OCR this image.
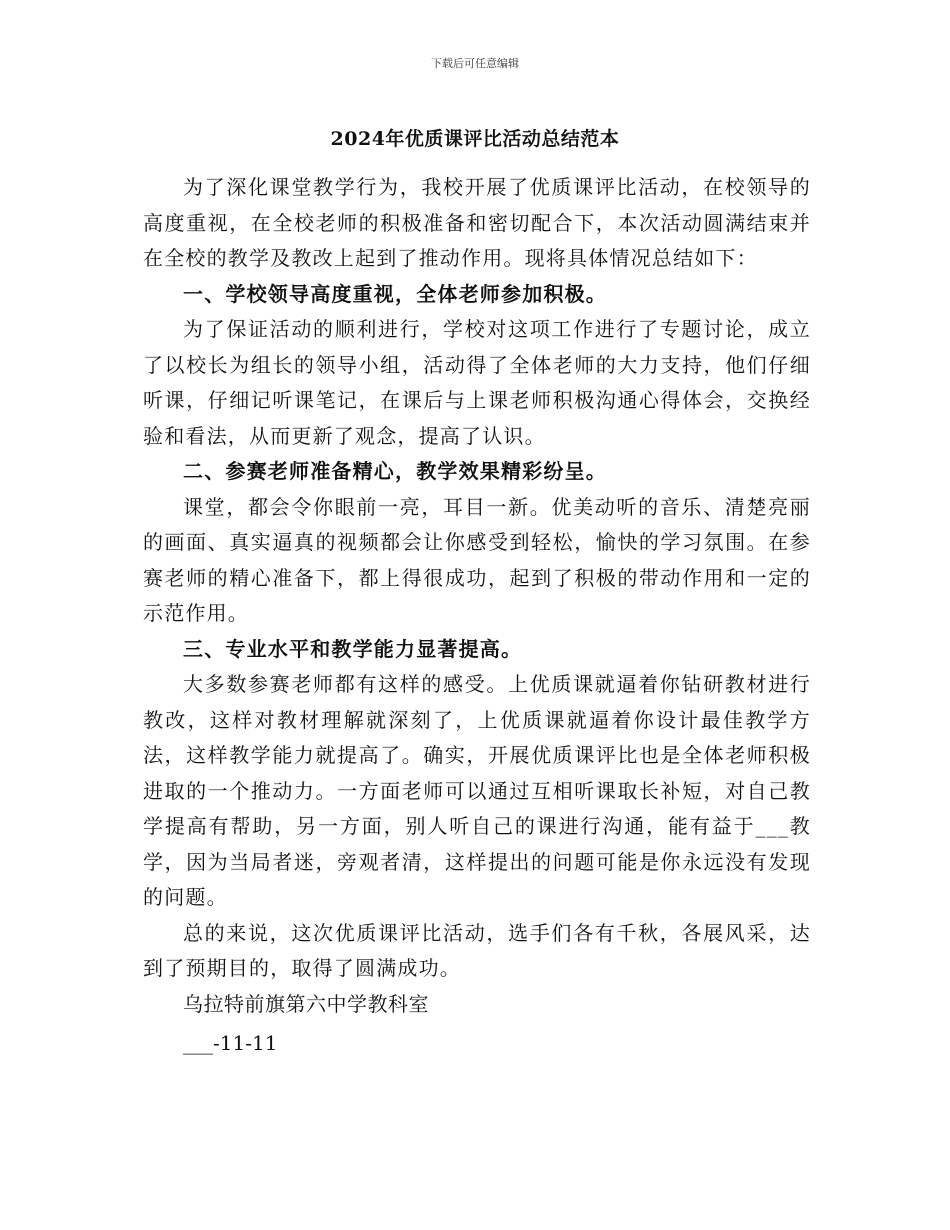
下载后可任意编辑
2024年优质课评比活动总结范本

为了深化课堂教学行为，我校开展了优质课评比活动，在校领导的高度重视，在全校老师的积极准备和密切配合下，本次活动圆满结束并在全校的教学及教改上起到了推动作用。现将具体情况总结如下：

一、学校领导高度重视，全体老师参加积极。

为了保证活动的顺利进行，学校对这项工作进行了专题讨论，成立了以校长为组长的领导小组，活动得了全体老师的大力支持，他们仔细听课，仔细记听课笔记，在课后与上课老师积极沟通心得体会，交换经验和看法，从而更新了观念，提高了认识。

二、参赛老师准备精心，教学效果精彩纷呈。

课堂，都会令你眼前一亮，耳目一新。优美动听的音乐、清楚亮丽的画面、真实逼真的视频都会让你感受到轻松，愉快的学习氛围。在参赛老师的精心准备下，都上得很成功，起到了积极的带动作用和一定的示范作用。

三、专业水平和教学能力显著提高。

大多数参赛老师都有这样的感受。上优质课就逼着你钻研教材进行教改，这样对教材理解就深刻了，上优质课就逼着你设计最佳教学方法，这样教学能力就提高了。确实，开展优质课评比也是全体老师积极进取的一个推动力。一方面老师可以通过互相听课取长补短，对自己教学提高有帮助，另一方面，别人听自己的课进行沟通，能有益于___教学，因为当局者迷，旁观者清，这样提出的问题可能是你永远没有发现的问题。

总的来说，这次优质课评比活动，选手们各有千秋，各展风采，达到了预期目的，取得了圆满成功。

乌拉特前旗第六中学教科室

___-11-11
